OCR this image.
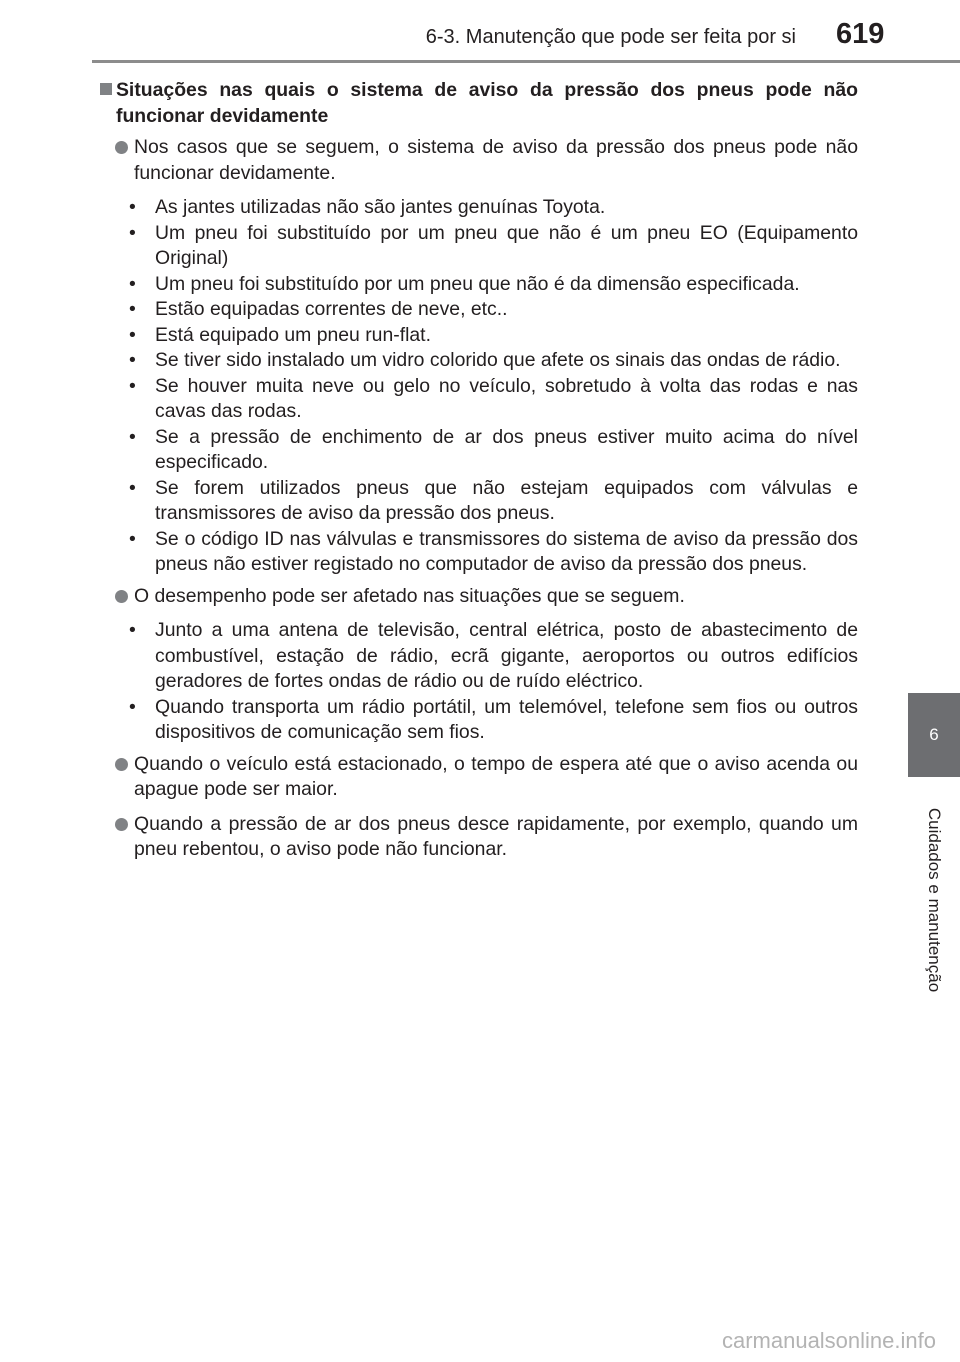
6-3. Manutenção que pode ser feita por si 619
6
Cuidados e manutenção
Situações nas quais o sistema de aviso da pressão dos pneus pode não funcionar devidamente
Nos casos que se seguem, o sistema de aviso da pressão dos pneus pode não funcionar devidamente.
• As jantes utilizadas não são jantes genuínas Toyota.
• Um pneu foi substituído por um pneu que não é um pneu EO (Equipamento Original)
• Um pneu foi substituído por um pneu que não é da dimensão especificada.
• Estão equipadas correntes de neve, etc..
• Está equipado um pneu run-flat.
• Se tiver sido instalado um vidro colorido que afete os sinais das ondas de rádio.
• Se houver muita neve ou gelo no veículo, sobretudo à volta das rodas e nas cavas das rodas.
• Se a pressão de enchimento de ar dos pneus estiver muito acima do nível especificado.
• Se forem utilizados pneus que não estejam equipados com válvulas e transmissores de aviso da pressão dos pneus.
• Se o código ID nas válvulas e transmissores do sistema de aviso da pressão dos pneus não estiver registado no computador de aviso da pressão dos pneus.
O desempenho pode ser afetado nas situações que se seguem.
• Junto a uma antena de televisão, central elétrica, posto de abastecimento de combustível, estação de rádio, ecrã gigante, aeroportos ou outros edifícios geradores de fortes ondas de rádio ou de ruído eléctrico.
• Quando transporta um rádio portátil, um telemóvel, telefone sem fios ou outros dispositivos de comunicação sem fios.
Quando o veículo está estacionado, o tempo de espera até que o aviso acenda ou apague pode ser maior.
Quando a pressão de ar dos pneus desce rapidamente, por exemplo, quando um pneu rebentou, o aviso pode não funcionar.
carmanualsonline.info
